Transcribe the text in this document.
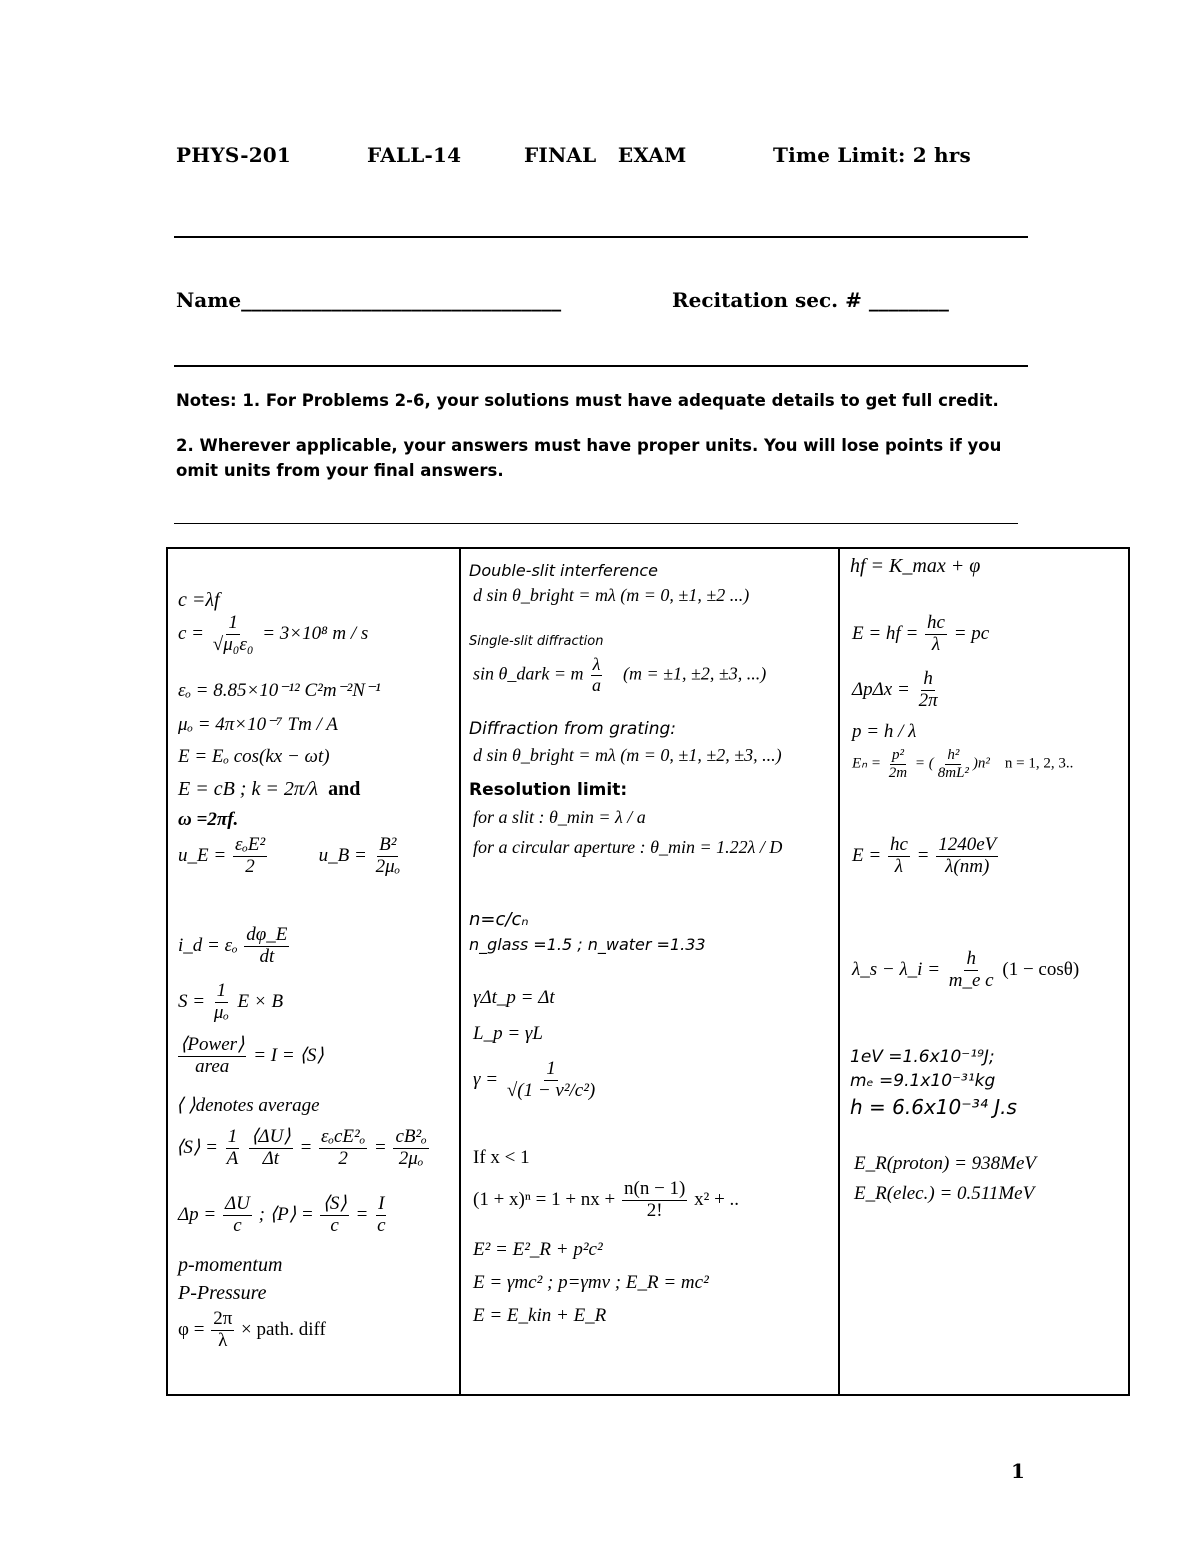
PHYS-201	FALL-14	FINAL   EXAM	Time Limit: 2 hrs
Name________________________________	Recitation sec. # ________
Notes: 1. For Problems 2-6, your solutions must have adequate details to get full credit.
2. Wherever applicable, your answers must have proper units. You will lose points if you omit units from your final answers.
c =λf
$c = \frac{1}{\text{√μ₀ε₀}} = 3\times 10^8$ m / s
εₒ = 8.85×10⁻¹² C²m⁻²N⁻¹
μₒ = 4π×10⁻⁷ Tm / A
E = Eₒ cos(kx − ωt)
E = cB ; k = 2π/λ and
ω =2πf.
u_E = $\frac{\text{εₒE²}}{2}$	u_B = $\frac{\text{B²}}{\text{2μₒ}}$
i_d = εₒ $\frac{d\varphi\_E}{dt}$
$S = \frac{1}{\text{μₒ}}$ E × B
$\frac{\text{⟨Power⟩}}{\text{area}} = I$ = ⟨S⟩
⟨ ⟩denotes average
⟨S⟩ = $\frac{1}{A}$
$\frac{⟨\Delta U⟩}{\Delta t} = \frac{\text{εₒcE²ₒ}}{2} = \frac{\text{cB²ₒ}}{\text{2μₒ}}$
$\Delta p = \frac{\Delta U}{c}$ ; ⟨P⟩ = $\frac{⟨S⟩}{c} = \frac{I}{c}$
p-momentum
P-Pressure
$\varphi = \frac{2\pi}{\lambda}$ × path. diff
Double-slit interference
d sin θ_bright = mλ (m = 0, ±1, ±2 ...)
Single-slit diffraction
sin θ_dark = m $\frac{\lambda}{a} (m = \pm 1$, ±2, ±3, ...)
Diffraction from grating:
d sin θ_bright = mλ (m = 0, ±1, ±2, ±3, ...)
Resolution limit:
for a slit : θ_min = λ / a
for a circular aperture : θ_min = 1.22λ / D
n=c/cₙ
n_glass =1.5 ; n_water =1.33
γΔt_p = Δt
L_p = γL
$\gamma = \frac{1}{\text{√(1 − v²/c²)}}$
If x < 1
(1 + x)ⁿ = 1 + nx + $\frac{n(n - 1)}{2!} x^2$ + ..
E² = E²_R + p²c²
E = γmc² ; p=γmv ; E_R = mc²
E = E_kin + E_R
hf = K_max + φ
E = hf = $\frac{hc}{\lambda}$ = pc
$\Delta p\Delta x = \frac{h}{2\pi}$
p = h / λ
$E_n = \frac{\text{p²}}{2m}$ = ( $\frac{\text{h²}}{\text{8mL²}} )n^2$ n = 1, 2, 3..
$E = \frac{hc}{\lambda} = \frac{1240eV}{\lambda(nm)}$
λ_s − λ_i = $\frac{h}{\text{m\_e c}} (1 - \cos\theta)$
1eV =1.6x10⁻¹⁹J;
mₑ =9.1x10⁻³¹kg
h = 6.6x10⁻³⁴ J.s
E_R(proton) = 938MeV
E_R(elec.) = 0.511MeV
1
